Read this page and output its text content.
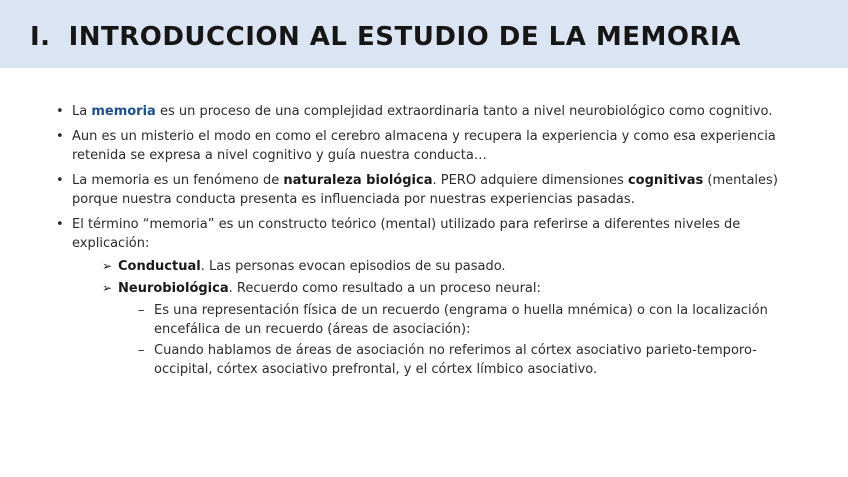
I. INTRODUCCION AL ESTUDIO DE LA MEMORIA
• La memoria es un proceso de una complejidad extraordinaria tanto a nivel neurobiológico como cognitivo.
• Aun es un misterio el modo en como el cerebro almacena y recupera la experiencia y como esa experiencia retenida se expresa a nivel cognitivo y guía nuestra conducta…
• La memoria es un fenómeno de naturaleza biológica. PERO adquiere dimensiones cognitivas (mentales) porque nuestra conducta presenta es influenciada por nuestras experiencias pasadas.
• El término “memoria” es un constructo teórico (mental) utilizado para referirse a diferentes niveles de explicación:
➢ Conductual. Las personas evocan episodios de su pasado.
➢ Neurobiológica. Recuerdo como resultado a un proceso neural:
– Es una representación física de un recuerdo (engrama o huella mnémica) o con la localización encefálica de un recuerdo (áreas de asociación):
– Cuando hablamos de áreas de asociación no referimos al córtex asociativo parieto-temporo-occipital, córtex asociativo prefrontal, y el córtex límbico asociativo.
